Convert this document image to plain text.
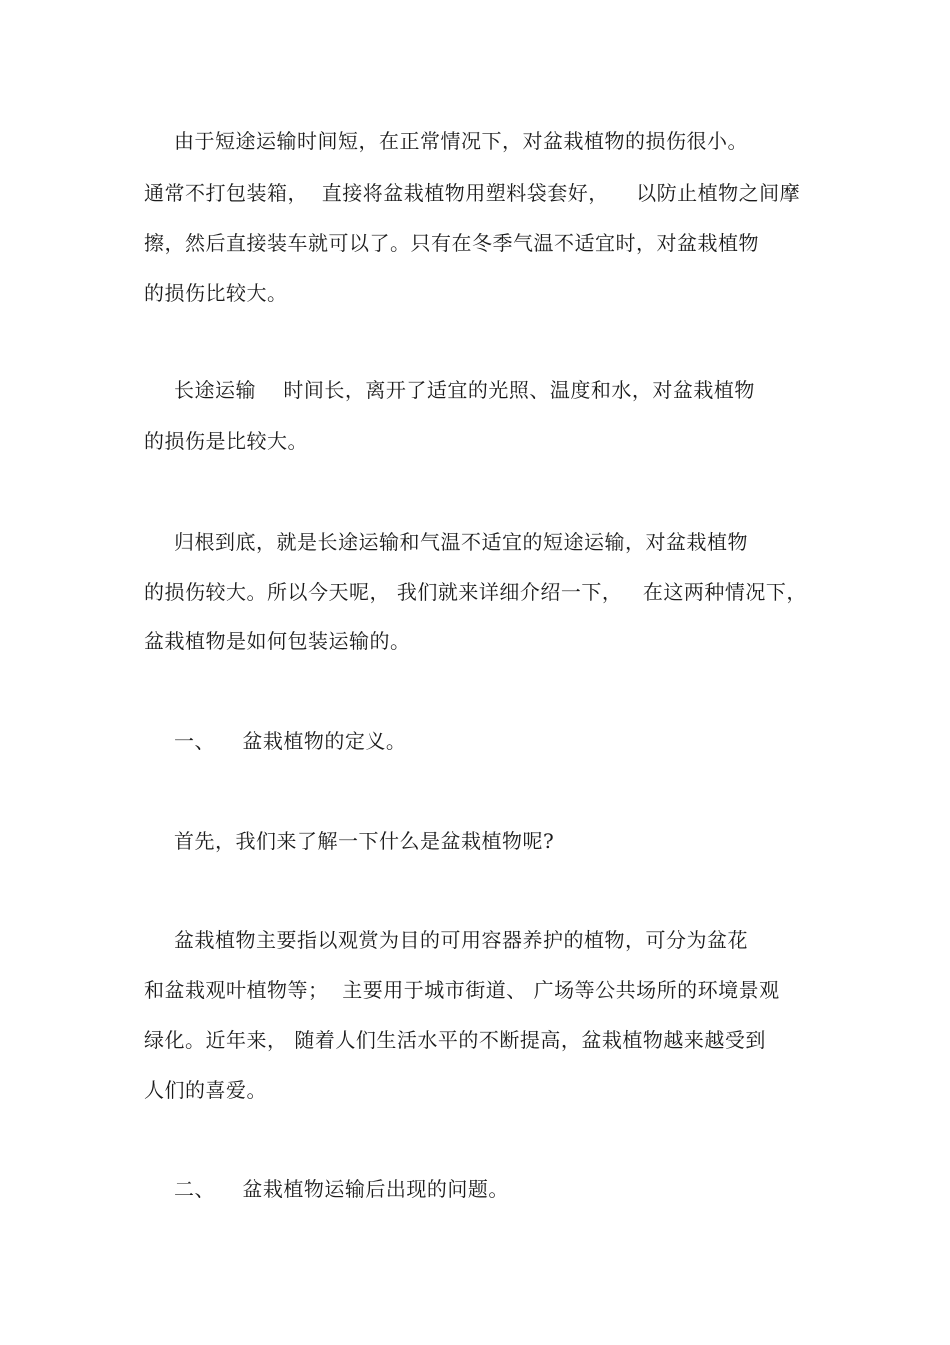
由于短途运输时间短，在正常情况下，对盆栽植物的损伤很小。
通常不打包装箱，  直接将盆栽植物用塑料袋套好，    以防止植物之间摩
擦，然后直接装车就可以了。只有在冬季气温不适宜时，对盆栽植物
的损伤比较大。
长途运输    时间长，离开了适宜的光照、温度和水，对盆栽植物
的损伤是比较大。
归根到底，就是长途运输和气温不适宜的短途运输，对盆栽植物
的损伤较大。所以今天呢， 我们就来详细介绍一下，   在这两种情况下，
盆栽植物是如何包装运输的。
一、    盆栽植物的定义。
首先，我们来了解一下什么是盆栽植物呢?
盆栽植物主要指以观赏为目的可用容器养护的植物，可分为盆花
和盆栽观叶植物等；  主要用于城市街道、 广场等公共场所的环境景观
绿化。近年来， 随着人们生活水平的不断提高，盆栽植物越来越受到
人们的喜爱。
二、    盆栽植物运输后出现的问题。
